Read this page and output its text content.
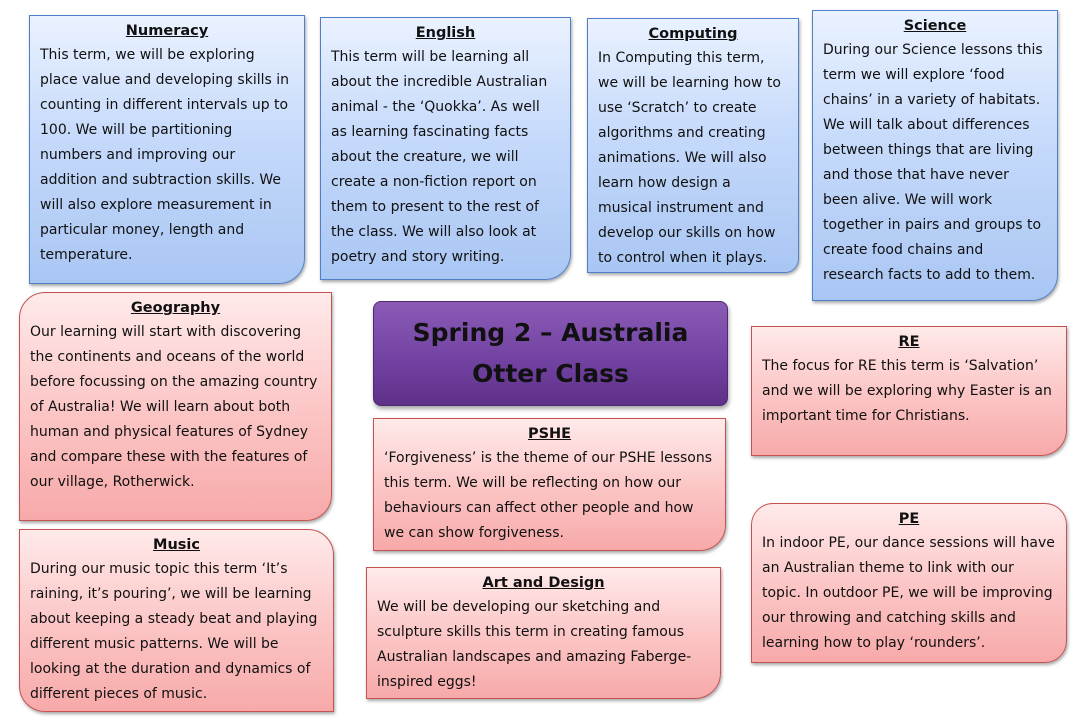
Numeracy
This term, we will be exploring place value and developing skills in counting in different intervals up to 100. We will be partitioning numbers and improving our addition and subtraction skills. We will also explore measurement in particular money, length and temperature.
English
This term will be learning all about the incredible Australian animal - the ‘Quokka’. As well as learning fascinating facts about the creature, we will create a non-fiction report on them to present to the rest of the class. We will also look at poetry and story writing.
Computing
In Computing this term, we will be learning how to use ‘Scratch’ to create algorithms and creating animations. We will also learn how design a musical instrument and develop our skills on how to control when it plays.
Science
During our Science lessons this term we will explore ‘food chains’ in a variety of habitats. We will talk about differences between things that are living and those that have never been alive. We will work together in pairs and groups to create food chains and research facts to add to them.
Geography
Our learning will start with discovering the continents and oceans of the world before focussing on the amazing country of Australia! We will learn about both human and physical features of Sydney and compare these with the features of our village, Rotherwick.
Spring 2 – Australia
Otter Class
RE
The focus for RE this term is ‘Salvation’ and we will be exploring why Easter is an important time for Christians.
PSHE
‘Forgiveness’ is the theme of our PSHE lessons this term. We will be reflecting on how our behaviours can affect other people and how we can show forgiveness.
Music
During our music topic this term ‘It’s raining, it’s pouring’, we will be learning about keeping a steady beat and playing different music patterns. We will be looking at the duration and dynamics of different pieces of music.
Art and Design
We will be developing our sketching and sculpture skills this term in creating famous Australian landscapes and amazing Faberge-inspired eggs!
PE
In indoor PE, our dance sessions will have an Australian theme to link with our topic. In outdoor PE, we will be improving our throwing and catching skills and learning how to play ‘rounders’.
